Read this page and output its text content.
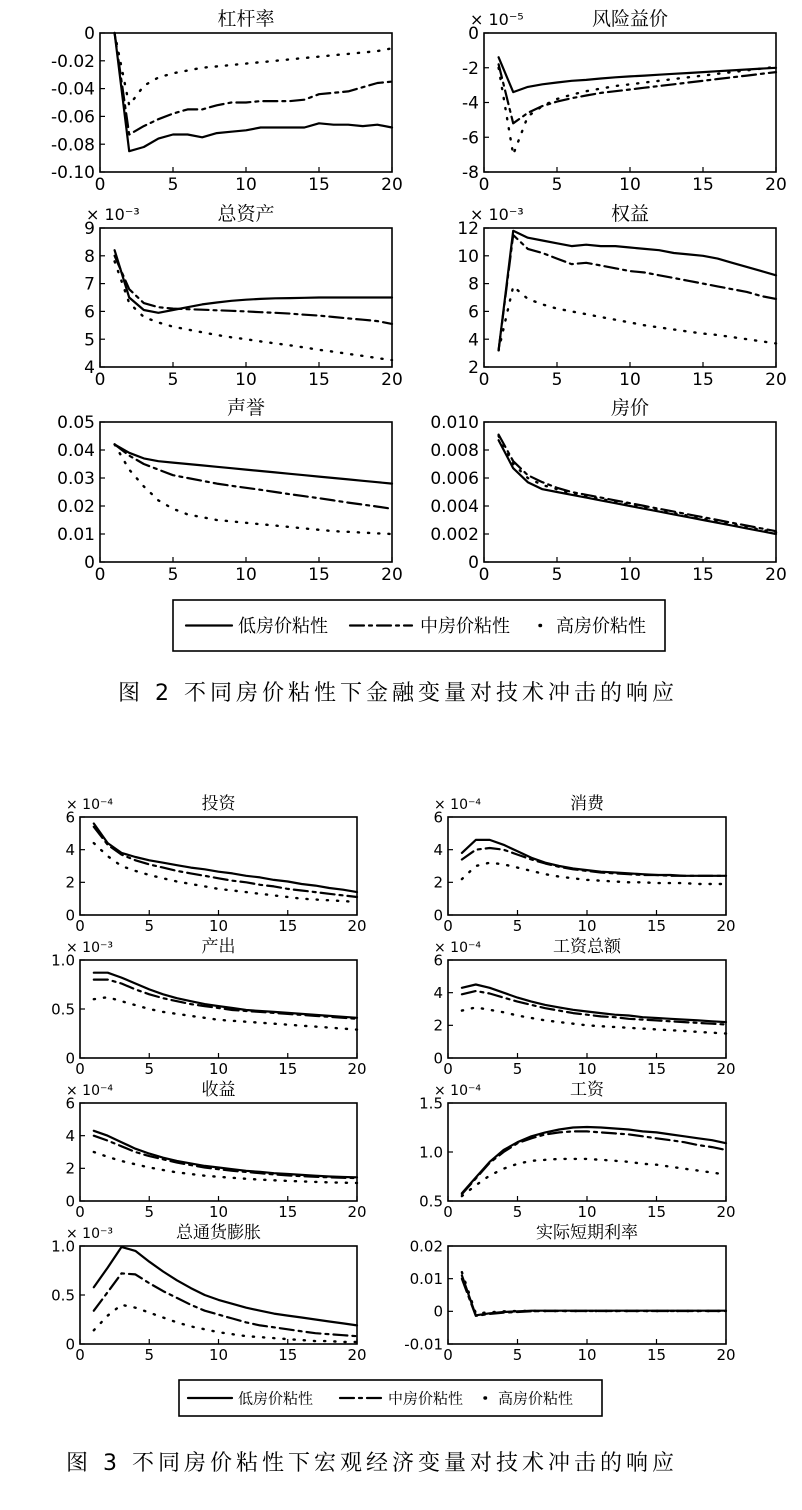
0	5	10	15	20
0
-0.02
-0.04
-0.06
-0.08
-0.10
杠杆率
0	5	10	15	20
0
-2
-4
-6
-8
风险益价
× 10⁻⁵
0	5	10	15	20
9
8
7
6
5
4
总资产
× 10⁻³
0	5	10	15	20
12
10
8
6
4
2
权益
× 10⁻³
0	5	10	15	20
0.05
0.04
0.03
0.02
0.01
0
声誉
0	5	10	15	20
0.010
0.008
0.006
0.004
0.002
0
房价
0	5	10	15	20
6
4
2
0
投资
× 10⁻⁴
0	5	10	15	20
6
4
2
0
消费
× 10⁻⁴
0	5	10	15	20
1.0
0.5
0
产出
× 10⁻³
0	5	10	15	20
6
4
2
0
工资总额
× 10⁻⁴
0	5	10	15	20
6
4
2
0
收益
× 10⁻⁴
0	5	10	15	20
1.5
1.0
0.5
工资
× 10⁻⁴
0	5	10	15	20
1.0
0.5
0
总通货膨胀
× 10⁻³
0	5	10	15	20
0.02
0.01
0
-0.01
实际短期利率
低房价粘性	中房价粘性	高房价粘性
低房价粘性	中房价粘性 高房价粘性
图 2 不同房价粘性下金融变量对技术冲击的响应
图 3 不同房价粘性下宏观经济变量对技术冲击的响应
